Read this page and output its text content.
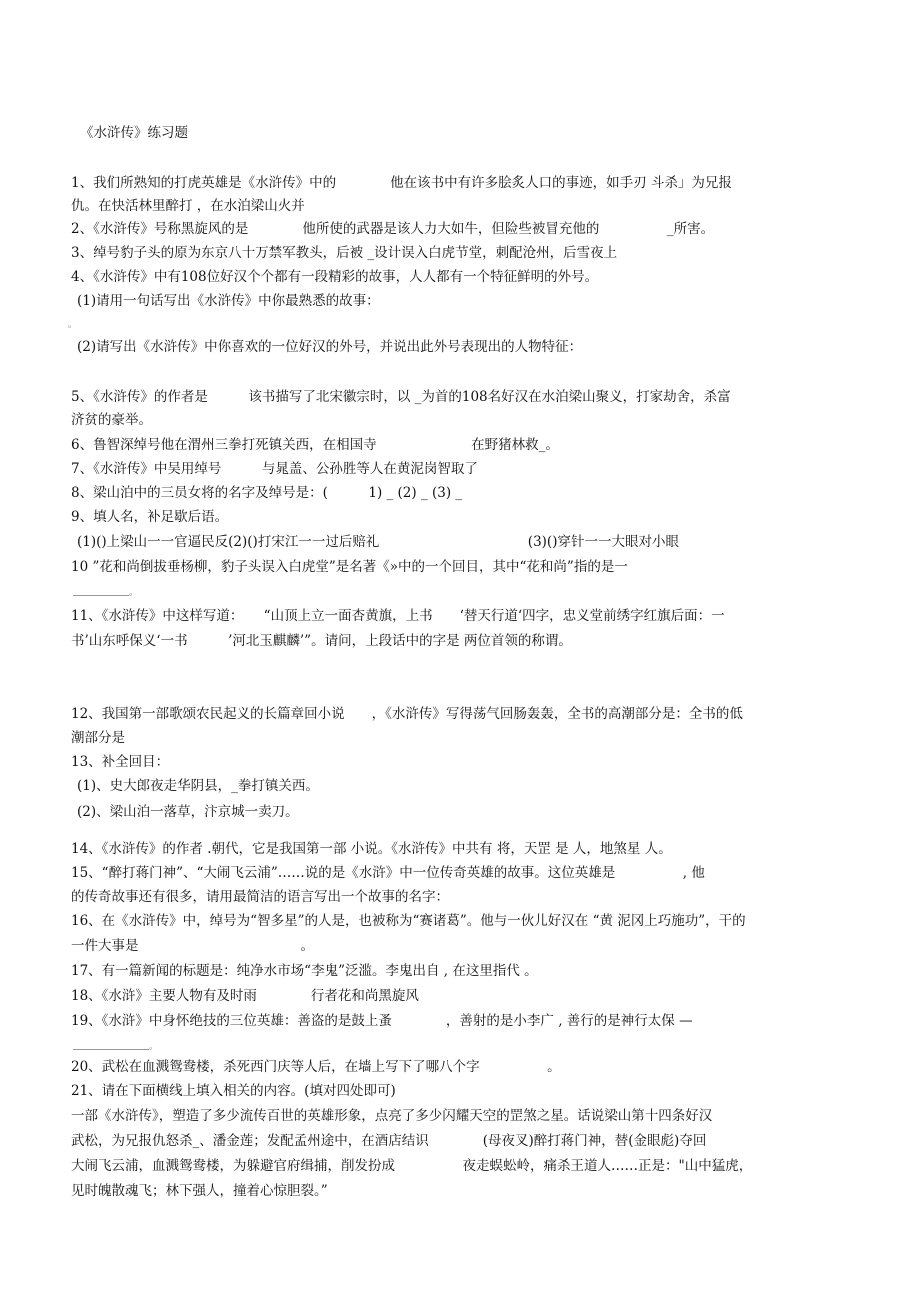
《水浒传》练习题
1、我们所熟知的打虎英雄是《水浒传》中的　　　　他在该书中有许多脍炙人口的事迹，如手刃 斗杀」为兄报
仇。在快活林里醉打 ，在水泊梁山火并
2、《水浒传》号称黑旋风的是　　　　他所使的武器是该人力大如牛，但险些被冒充他的　　　　　_所害。
3、绰号豹子头的原为东京八十万禁军教头，后被 _设计误入白虎节堂，刺配沧州，后雪夜上
4、《水浒传》中有108位好汉个个都有一段精彩的故事，人人都有一个特征鲜明的外号。
(1)请用一句话写出《水浒传》中你最熟悉的故事：
。
(2)请写出《水浒传》中你喜欢的一位好汉的外号，并说出此外号表现出的人物特征：
5、《水浒传》的作者是　　　该书描写了北宋徽宗时，以 _为首的108名好汉在水泊梁山聚义，打家劫舍，杀富
济贫的豪举。
6、鲁智深绰号他在渭州三拳打死镇关西，在相国寺　　　　　　　在野猪林救_。
7、《水浒传》中吴用绰号　　　与晁盖、公孙胜等人在黄泥岗智取了
8、梁山泊中的三员女将的名字及绰号是：(　　　1) _ (2) _ (3) _
9、填人名，补足歇后语。
(1)()上梁山一一官逼民反(2)()打宋江一一过后赔礼　　　　　　　　　　　(3)()穿针一一大眼对小眼
10 ”花和尚倒拔垂杨柳，豹子头误入白虎堂”是名著《»中的一个回目，其中“花和尚”指的是一
。
11、《水浒传》中这样写道：　　“山顶上立一面杏黄旗，上书　　‘替天行道‘四字，忠义堂前绣字红旗后面：一
书’山东呼保义‘一书　　　’河北玉麒麟’”。请问，上段话中的字是 两位首领的称谓。
12、我国第一部歌颂农民起义的长篇章回小说　　，《水浒传》写得荡气回肠轰轰，全书的高潮部分是：全书的低
潮部分是
13、补全回目：
(1)、史大郎夜走华阴县，_拳打镇关西。
(2)、梁山泊一落草，汴京城一卖刀。
14、《水浒传》的作者 .朝代，它是我国第一部 小说。《水浒传》中共有 将，天罡 是 人，地煞星 人。
15、“醉打蒋门神”、“大闹飞云浦”……说的是《水浒》中一位传奇英雄的故事。这位英雄是　　　　　, 他
的传奇故事还有很多，请用最简洁的语言写出一个故事的名字：
16、在《水浒传》中，绰号为“智多星”的人是，也被称为“赛诸葛”。他与一伙儿好汉在 “黄 泥冈上巧施功”，干的
一件大事是　　　　　　　　　　　　。
17、有一篇新闻的标题是：纯净水市场“李鬼”泛滥。李鬼出自 , 在这里指代 。
18、《水浒》主要人物有及时雨　　　　行者花和尚黑旋风
19、《水浒》中身怀绝技的三位英雄：善盗的是鼓上蚤　　　　，善射的是小李广 , 善行的是神行太保 —
。
20、武松在血溅鸳鸯楼，杀死西门庆等人后，在墙上写下了哪八个字　　　　　。
21、请在下面横线上填入相关的内容。(填对四处即可)
一部《水浒传》，塑造了多少流传百世的英雄形象，点亮了多少闪耀天空的罡煞之星。话说梁山第十四条好汉
武松，为兄报仇怒杀_、潘金莲；发配孟州途中，在酒店结识　　　　(母夜叉)醉打蒋门神，替(金眼彪)夺回
大闹飞云浦，血溅鸳鸯楼，为躲避官府缉捕，削发扮成　　　　　夜走蜈蚣岭，痛杀王道人……正是："山中猛虎，
见时魄散魂飞；林下强人，撞着心惊胆裂。”
